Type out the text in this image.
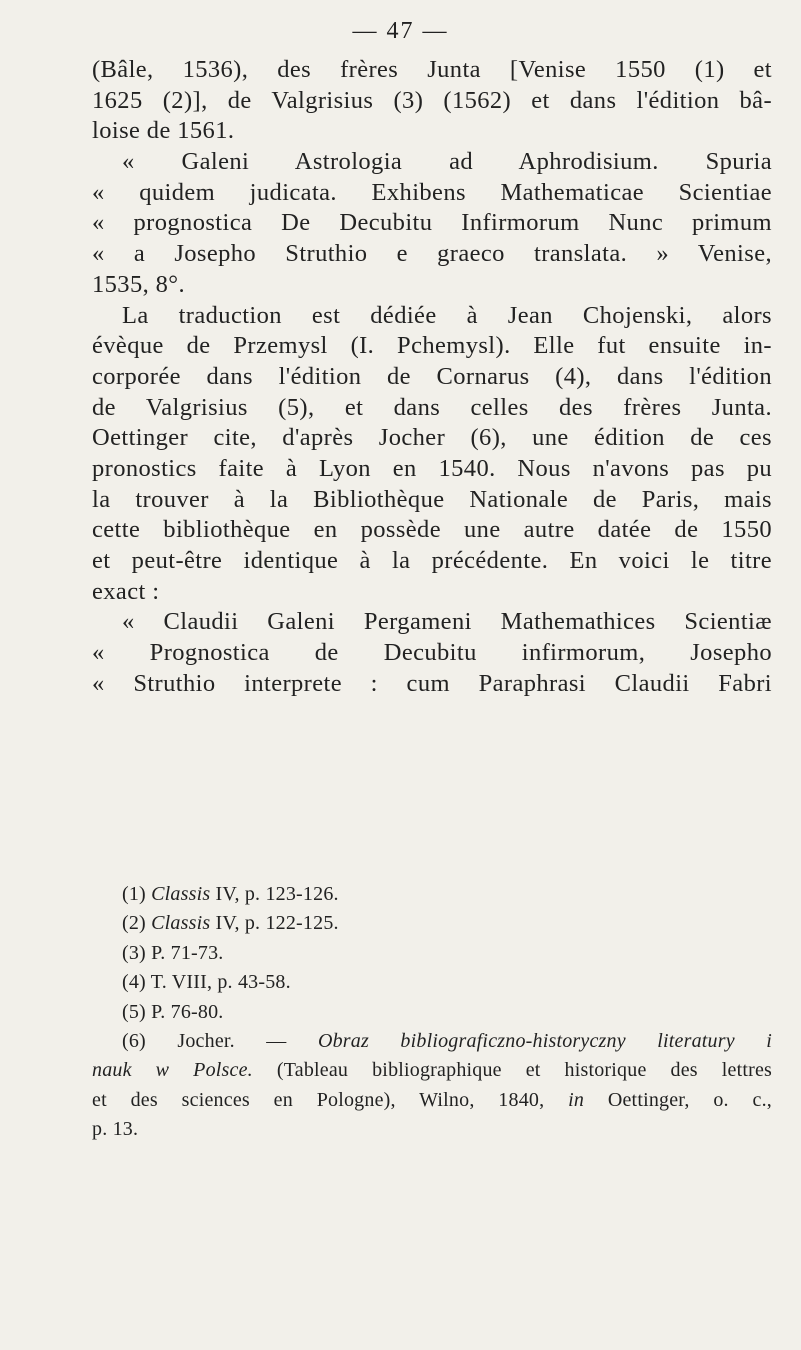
— 47 —
(Bâle, 1536), des frères Junta [Venise 1550 (1) et
1625 (2)], de Valgrisius (3) (1562) et dans l'édition bâ-
loise de 1561.
« Galeni Astrologia ad Aphrodisium. Spuria
« quidem judicata. Exhibens Mathematicae Scientiae
« prognostica De Decubitu Infirmorum Nunc primum
« a Josepho Struthio e graeco translata. » Venise,
1535, 8°.
La traduction est dédiée à Jean Chojenski, alors
évèque de Przemysl (I. Pchemysl). Elle fut ensuite in-
corporée dans l'édition de Cornarus (4), dans l'édition
de Valgrisius (5), et dans celles des frères Junta.
Oettinger cite, d'après Jocher (6), une édition de ces
pronostics faite à Lyon en 1540. Nous n'avons pas pu
la trouver à la Bibliothèque Nationale de Paris, mais
cette bibliothèque en possède une autre datée de 1550
et peut-être identique à la précédente. En voici le titre
exact :
« Claudii Galeni Pergameni Mathemathices Scientiæ
« Prognostica de Decubitu infirmorum, Josepho
« Struthio interprete : cum Paraphrasi Claudii Fabri
(1) Classis IV, p. 123-126.
(2) Classis IV, p. 122-125.
(3) P. 71-73.
(4) T. VIII, p. 43-58.
(5) P. 76-80.
(6) Jocher. — Obraz bibliograficzno-historyczny literatury i
nauk w Polsce. (Tableau bibliographique et historique des lettres
et des sciences en Pologne), Wilno, 1840, in Oettinger, o. c.,
p. 13.
